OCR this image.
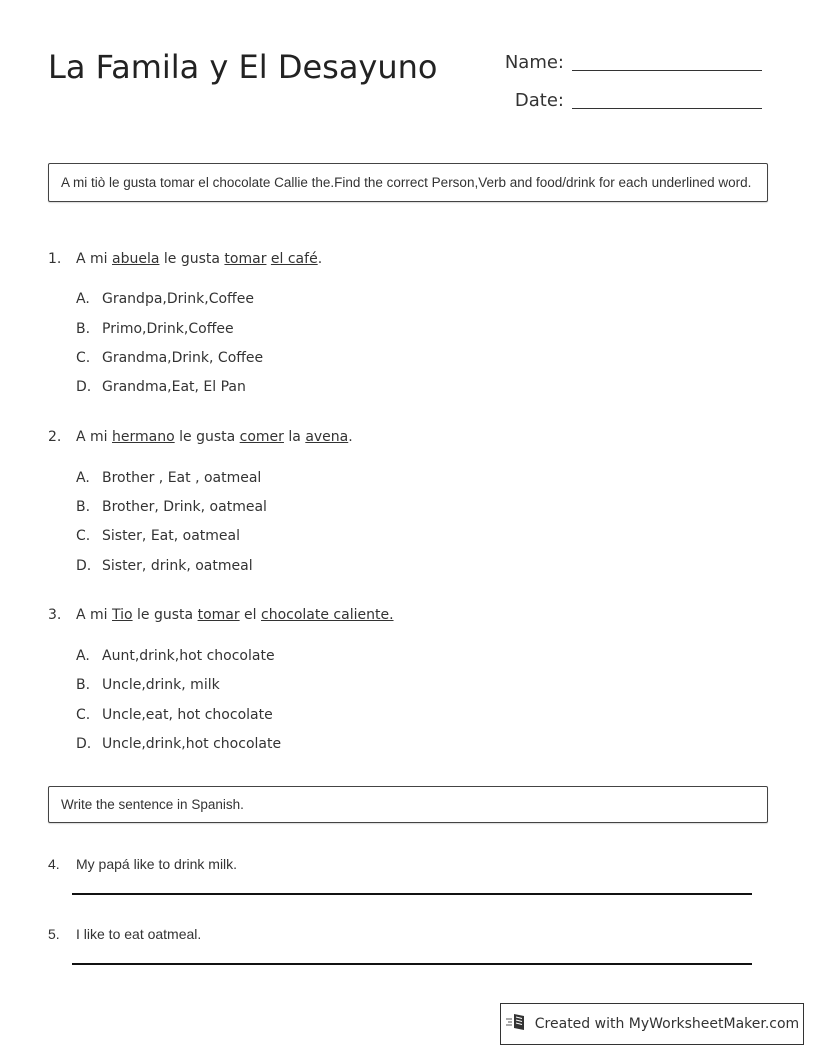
La Famila y El Desayuno	Name:
Date:
A mi tiò le gusta tomar el chocolate Callie the.Find the correct Person,Verb and food/drink for each underlined word.
1. A mi abuela le gusta tomar el café.
A. Grandpa,Drink,Coffee
B. Primo,Drink,Coffee
C. Grandma,Drink, Coffee
D. Grandma,Eat, El Pan
2. A mi hermano le gusta comer la avena.
A. Brother , Eat , oatmeal
B. Brother, Drink, oatmeal
C. Sister, Eat, oatmeal
D. Sister, drink, oatmeal
3. A mi Tio le gusta tomar el chocolate caliente.
A. Aunt,drink,hot chocolate
B. Uncle,drink, milk
C. Uncle,eat, hot chocolate
D. Uncle,drink,hot chocolate
Write the sentence in Spanish.
4. My papá like to drink milk.
5. I like to eat oatmeal.
Created with MyWorksheetMaker.com
